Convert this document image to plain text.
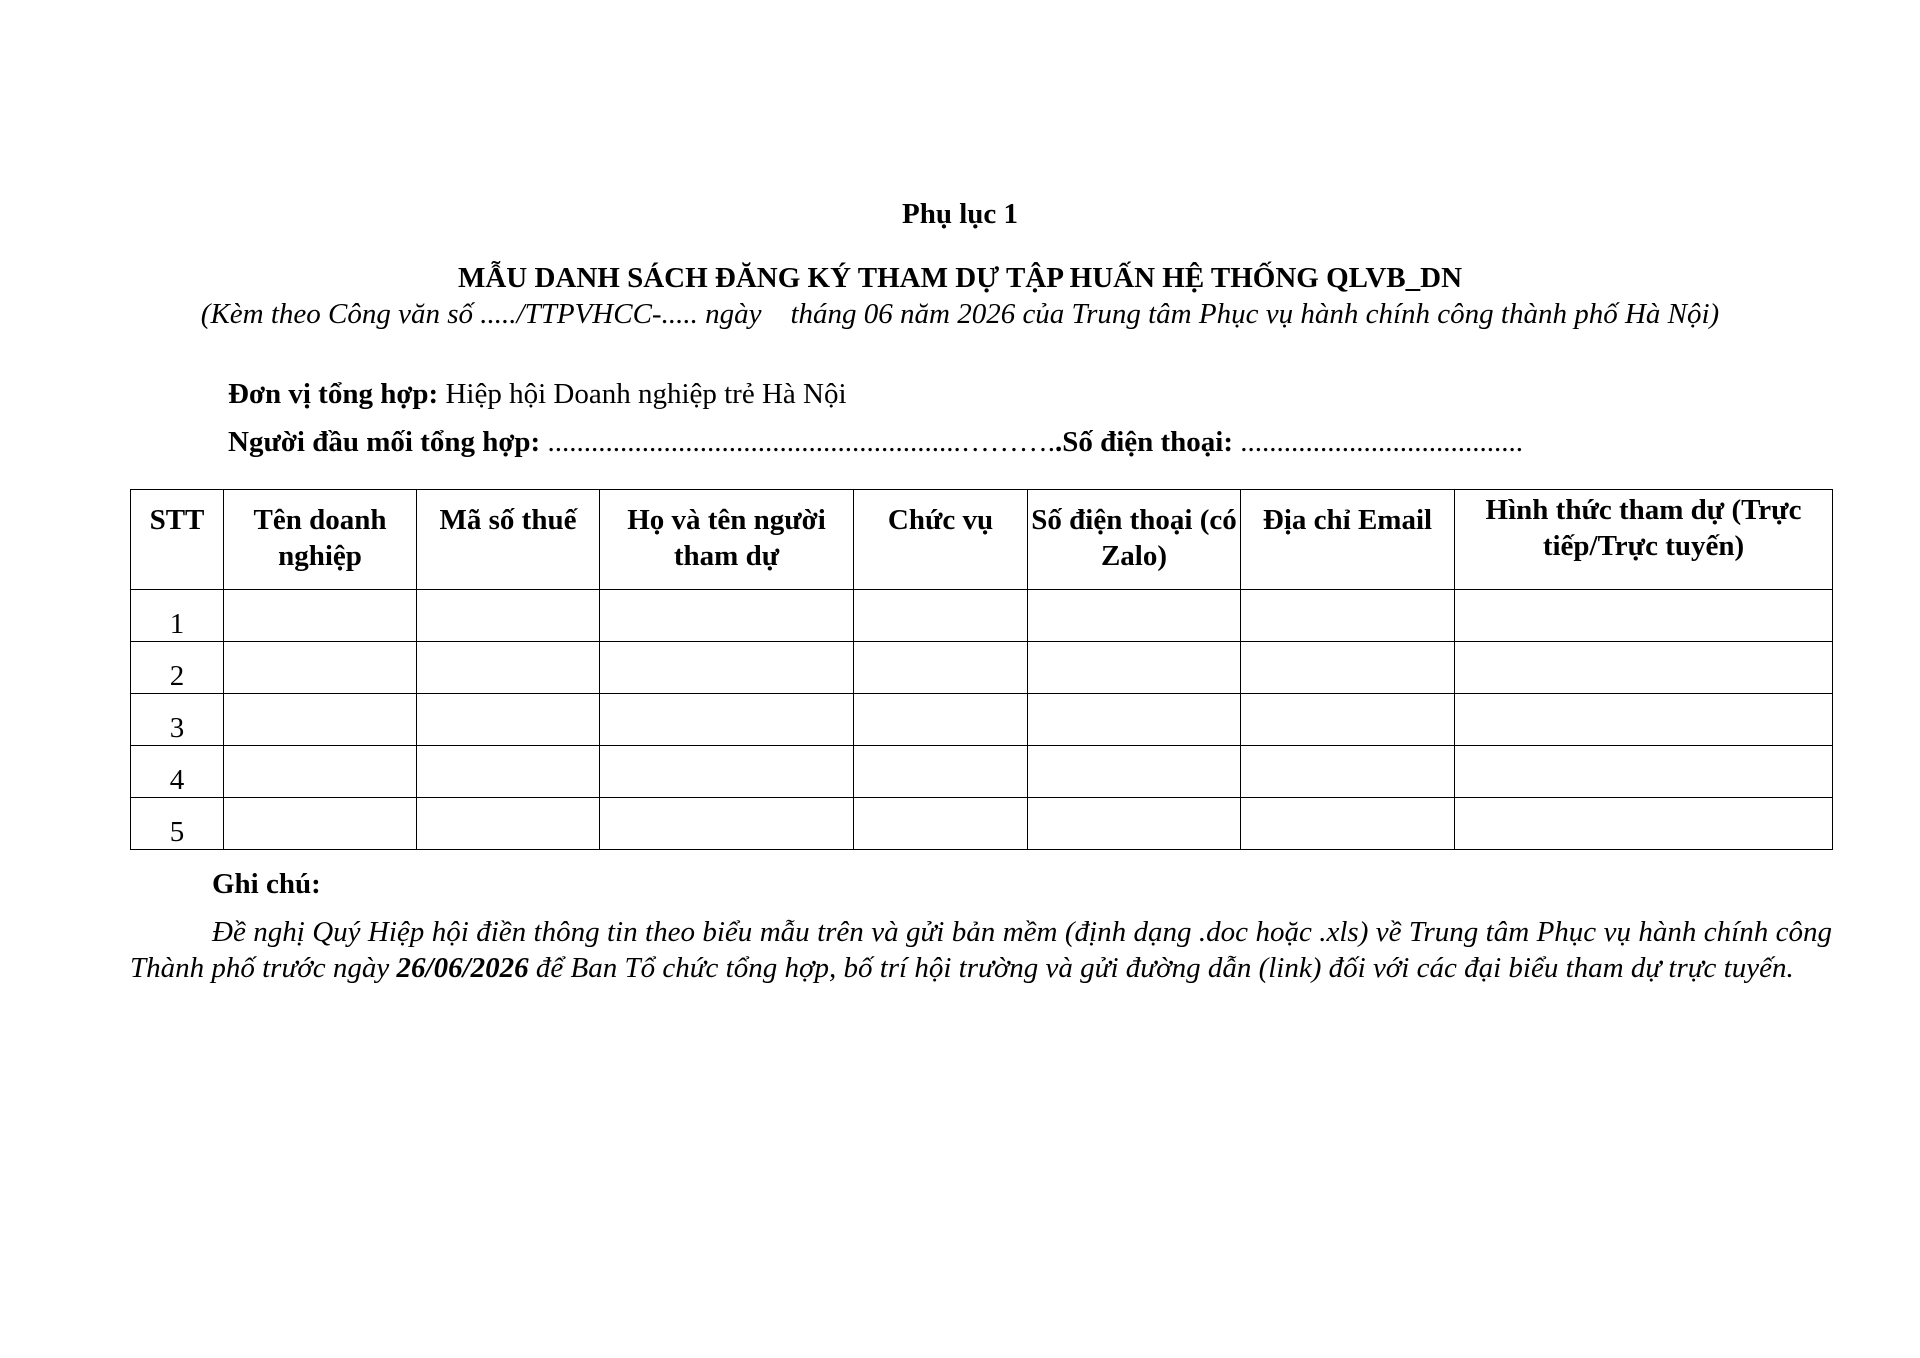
Phụ lục 1
MẪU DANH SÁCH ĐĂNG KÝ THAM DỰ TẬP HUẤN HỆ THỐNG QLVB_DN
(Kèm theo Công văn số ...../TTPVHCC-..... ngày    tháng 06 năm 2026 của Trung tâm Phục vụ hành chính công thành phố Hà Nội)
Đơn vị tổng hợp: Hiệp hội Doanh nghiệp trẻ Hà Nội
Người đầu mối tổng hợp: .........................................................………..Số điện thoại: .......................................
STT	Tên doanh nghiệp	Mã số thuế	Họ và tên người tham dự	Chức vụ	Số điện thoại (có Zalo)	Địa chỉ Email	Hình thức tham dự (Trực tiếp/Trực tuyến)
1							
2							
3							
4							
5							
Ghi chú:
Đề nghị Quý Hiệp hội điền thông tin theo biểu mẫu trên và gửi bản mềm (định dạng .doc hoặc .xls) về Trung tâm Phục vụ hành chính công Thành phố trước ngày 26/06/2026 để Ban Tổ chức tổng hợp, bố trí hội trường và gửi đường dẫn (link) đối với các đại biểu tham dự trực tuyến.
